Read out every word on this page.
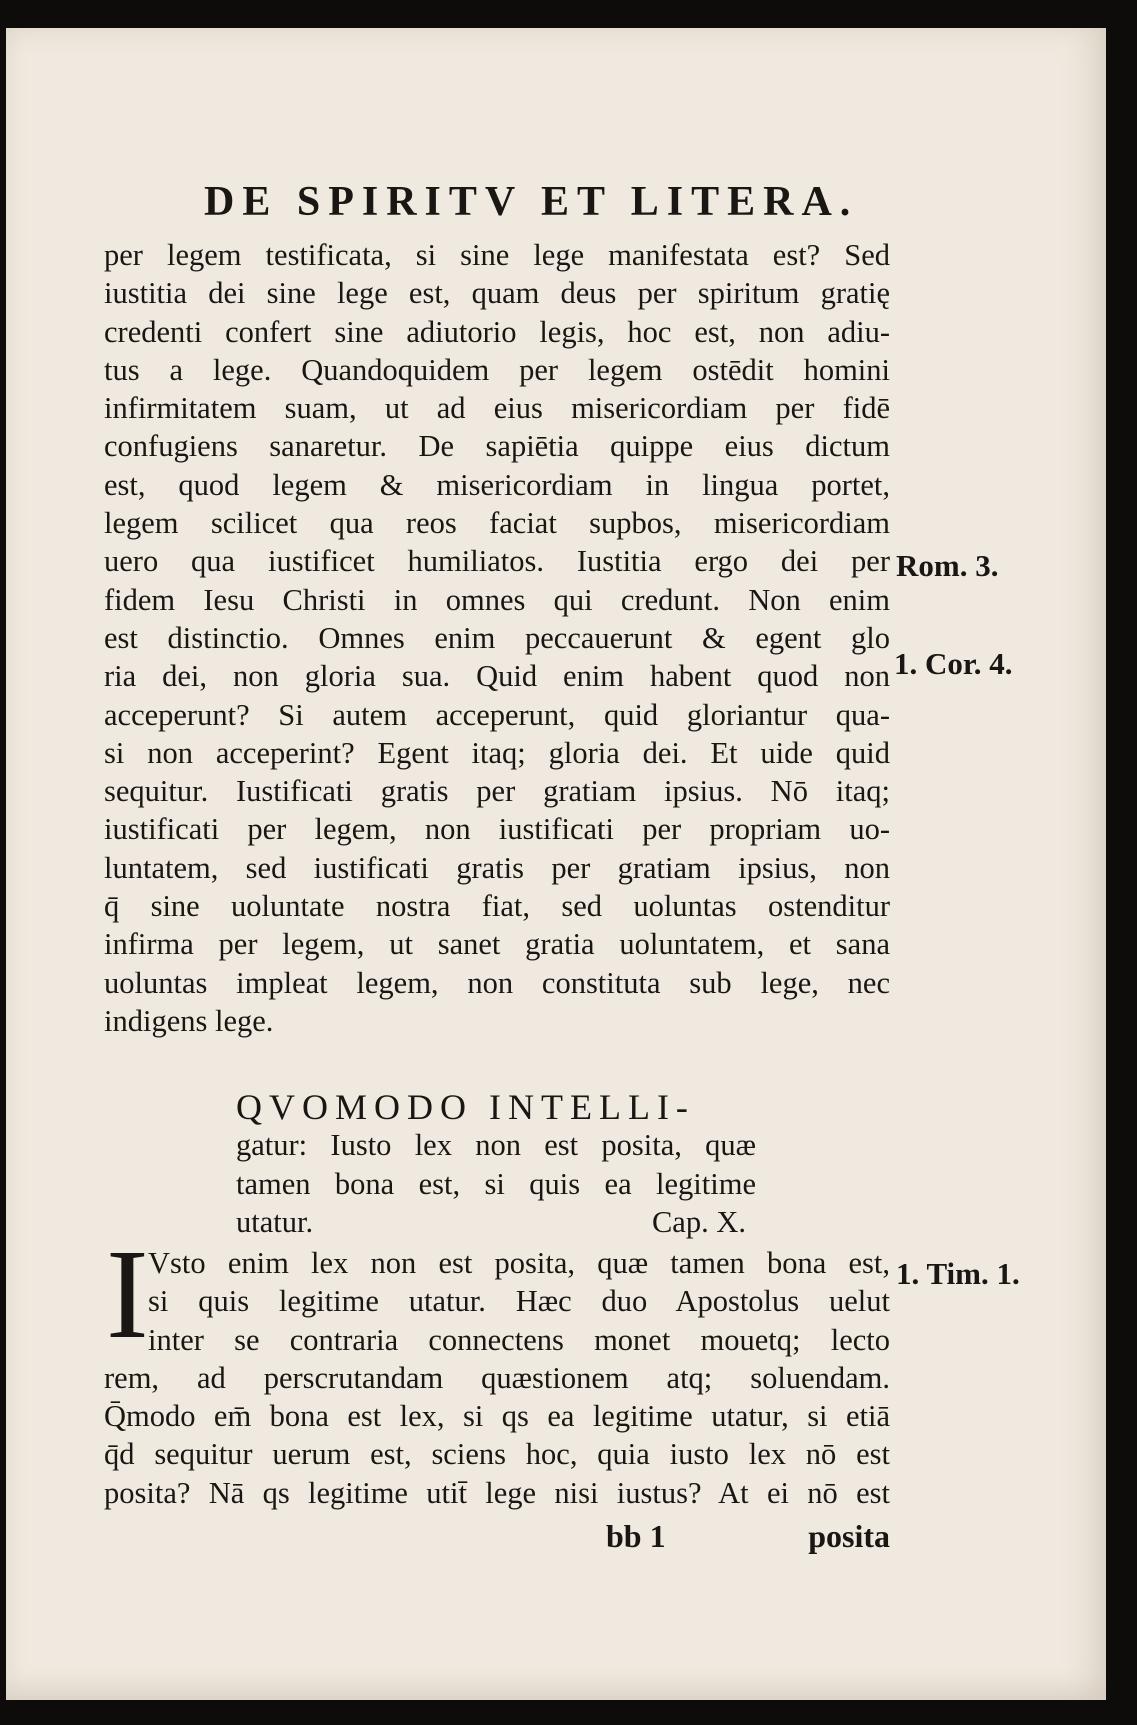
DE SPIRITV ET LITERA.
per legem testificata, si sine lege manifestata est? Sed
iustitia dei sine lege est, quam deus per spiritum gratię
credenti confert sine adiutorio legis, hoc est, non adiu-
tus a lege. Quandoquidem per legem ostēdit homini
infirmitatem suam, ut ad eius misericordiam per fidē
confugiens sanaretur. De sapiētia quippe eius dictum
est, quod legem & misericordiam in lingua portet,
legem scilicet qua reos faciat supbos, misericordiam
uero qua iustificet humiliatos. Iustitia ergo dei per
fidem Iesu Christi in omnes qui credunt. Non enim
est distinctio. Omnes enim peccauerunt & egent glo
ria dei, non gloria sua. Quid enim habent quod non
acceperunt? Si autem acceperunt, quid gloriantur qua-
si non acceperint? Egent itaq; gloria dei. Et uide quid
sequitur. Iustificati gratis per gratiam ipsius. Nō itaq;
iustificati per legem, non iustificati per propriam uo-
luntatem, sed iustificati gratis per gratiam ipsius, non
q̄ sine uoluntate nostra fiat, sed uoluntas ostenditur
infirma per legem, ut sanet gratia uoluntatem, et sana
uoluntas impleat legem, non constituta sub lege, nec
indigens lege.
Rom. 3.
1. Cor. 4.
1. Tim. 1.
QVOMODO INTELLI-
gatur: Iusto lex non est posita, quæ
tamen bona est, si quis ea legitime
utatur.	Cap. X.
I Vsto enim lex non est posita, quæ tamen bona est,
si quis legitime utatur. Hæc duo Apostolus uelut
inter se contraria connectens monet mouetq; lecto
rem, ad perscrutandam quæstionem atq; soluendam.
Q̄modo em̄ bona est lex, si qs ea legitime utatur, si etiā
q̄d sequitur uerum est, sciens hoc, quia iusto lex nō est
posita? Nā qs legitime utit̄ lege nisi iustus? At ei nō est
bb 1	posita
